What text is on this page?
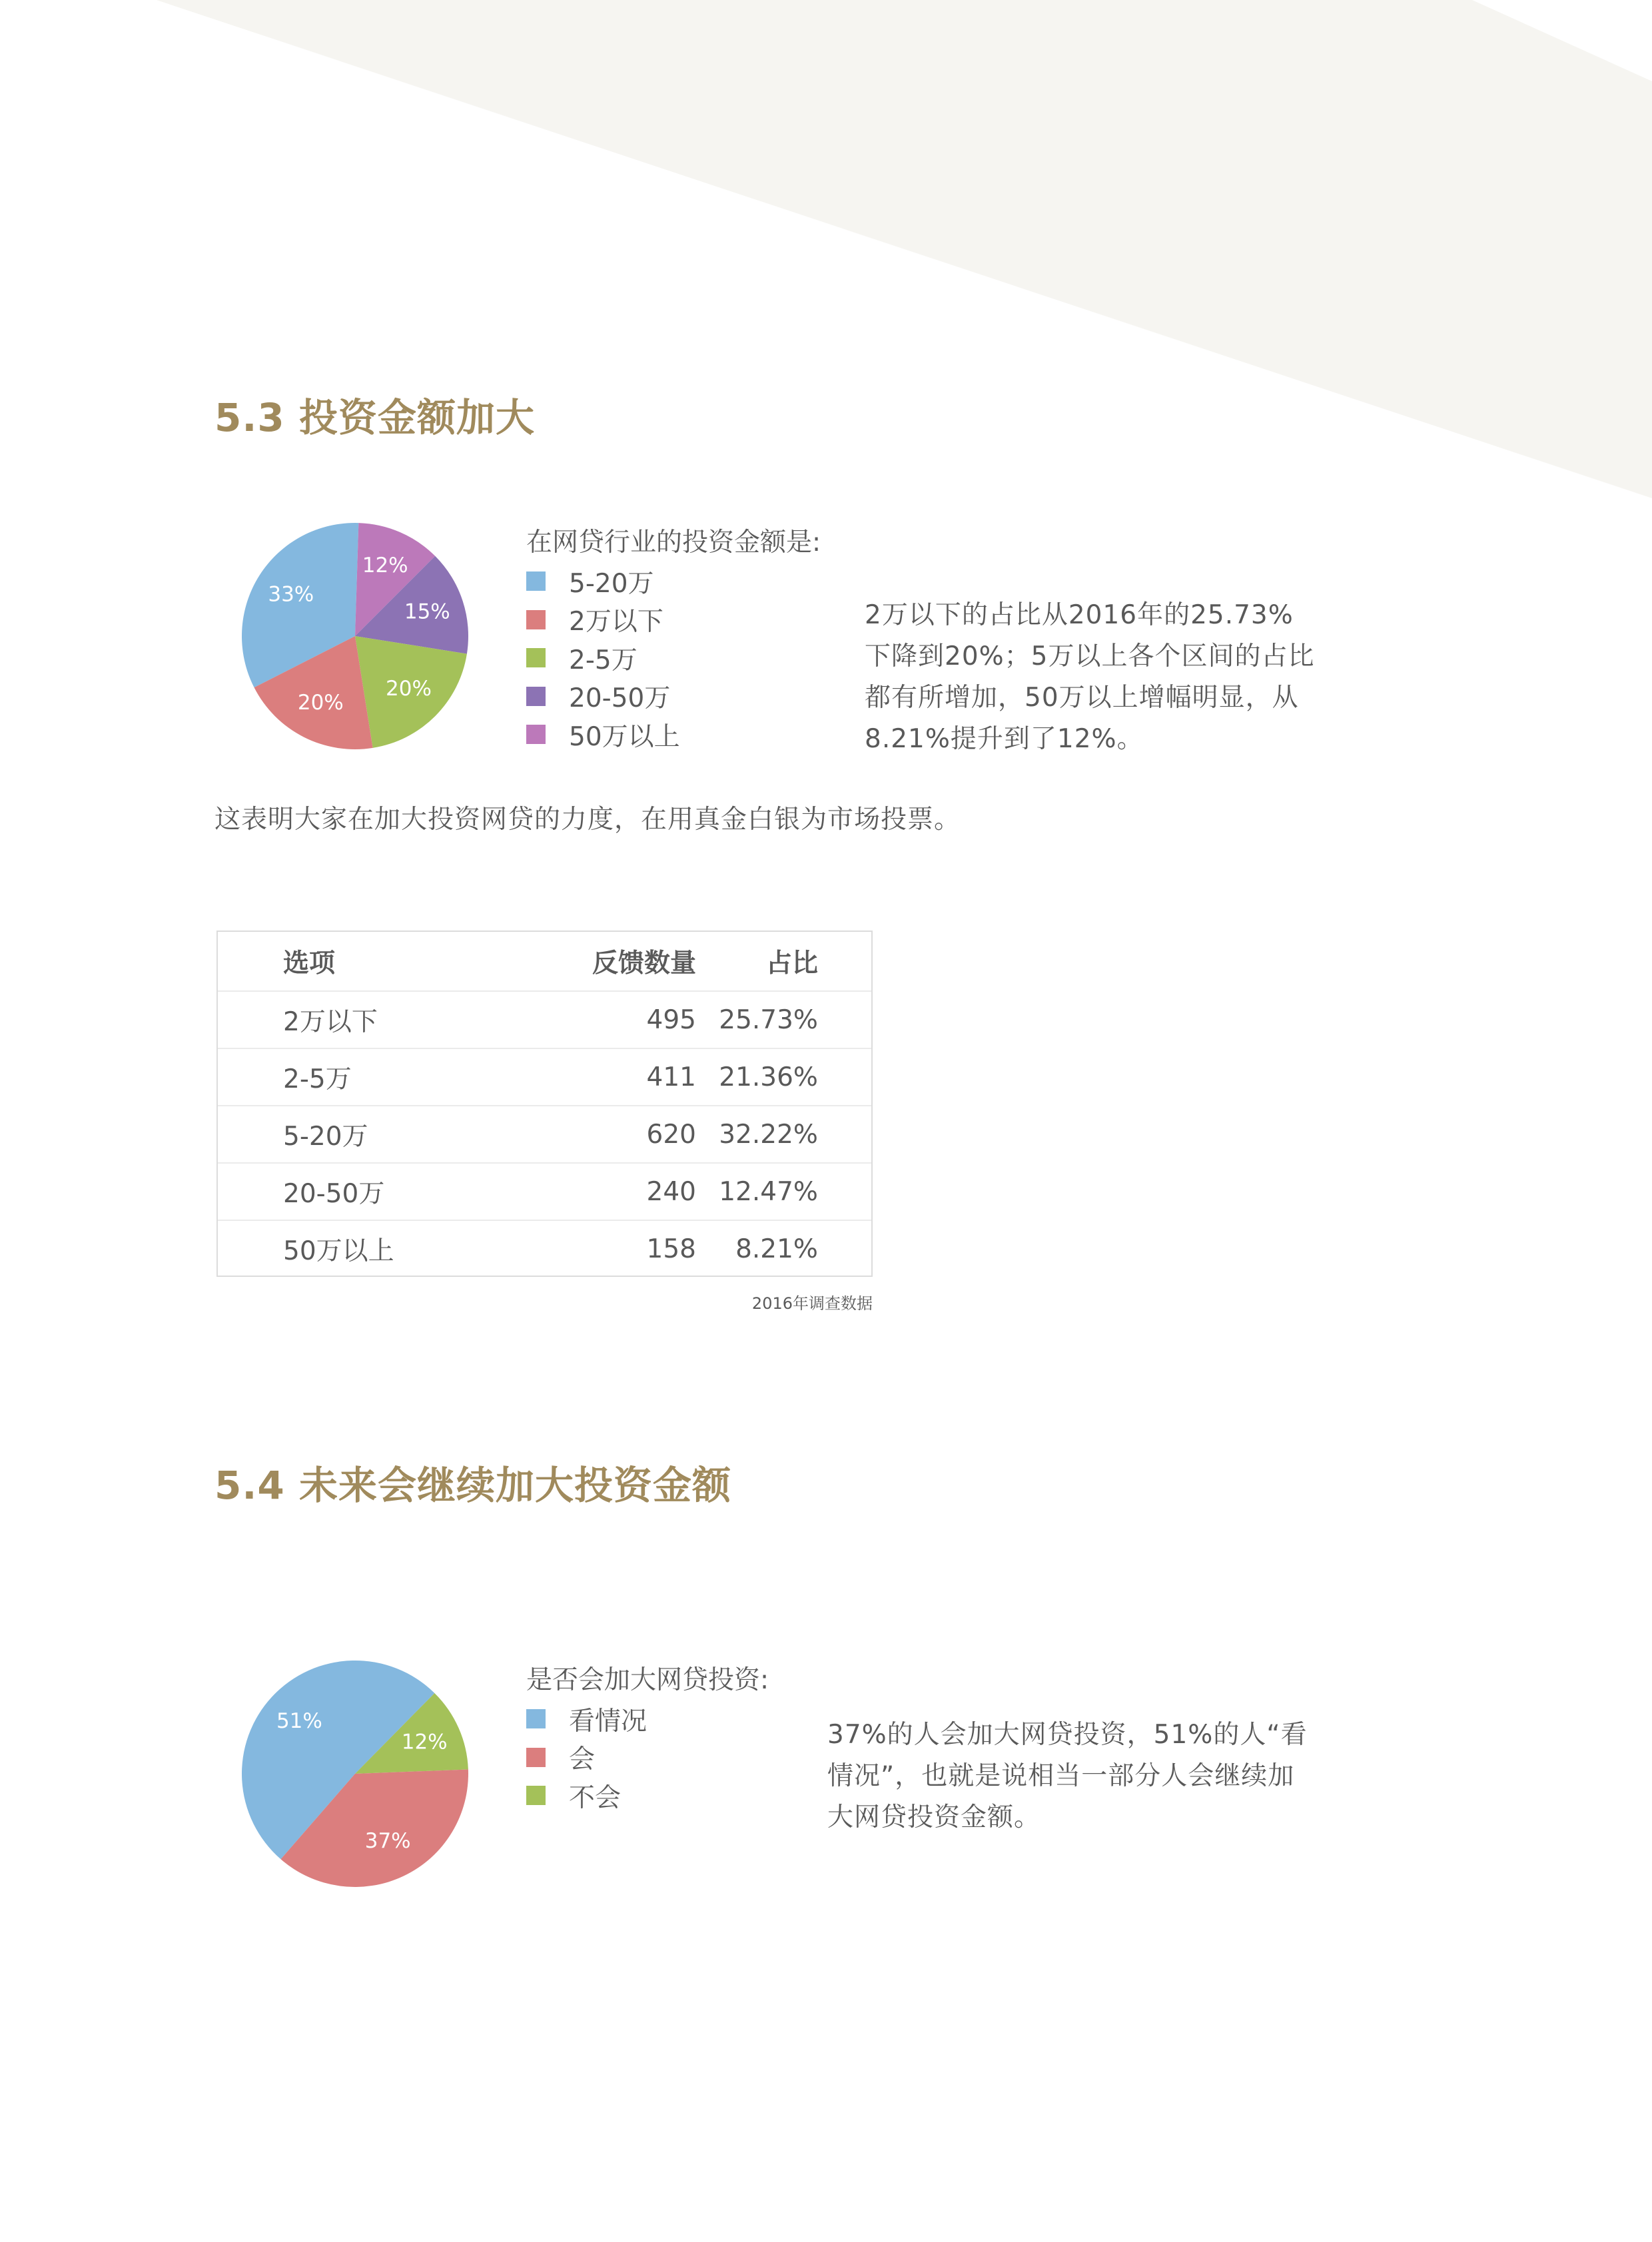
5.3 投资金额加大
33%
12%
15%
20%
20%
在网贷行业的投资金额是:
5-20万
2万以下
2-5万
20-50万
50万以上
2万以下的占比从2016年的25.73%下降到20%；5万以上各个区间的占比都有所增加，50万以上增幅明显，从8.21%提升到了12%。
这表明大家在加大投资网贷的力度，在用真金白银为市场投票。
选项	反馈数量	占比
2万以下	495	25.73%
2-5万	411	21.36%
5-20万	620	32.22%
20-50万	240	12.47%
50万以上	158	8.21%
2016年调查数据
5.4 未来会继续加大投资金额
51%
12%
37%
是否会加大网贷投资:
看情况
会
不会
37%的人会加大网贷投资，51%的人“看情况”，也就是说相当一部分人会继续加大网贷投资金额。
